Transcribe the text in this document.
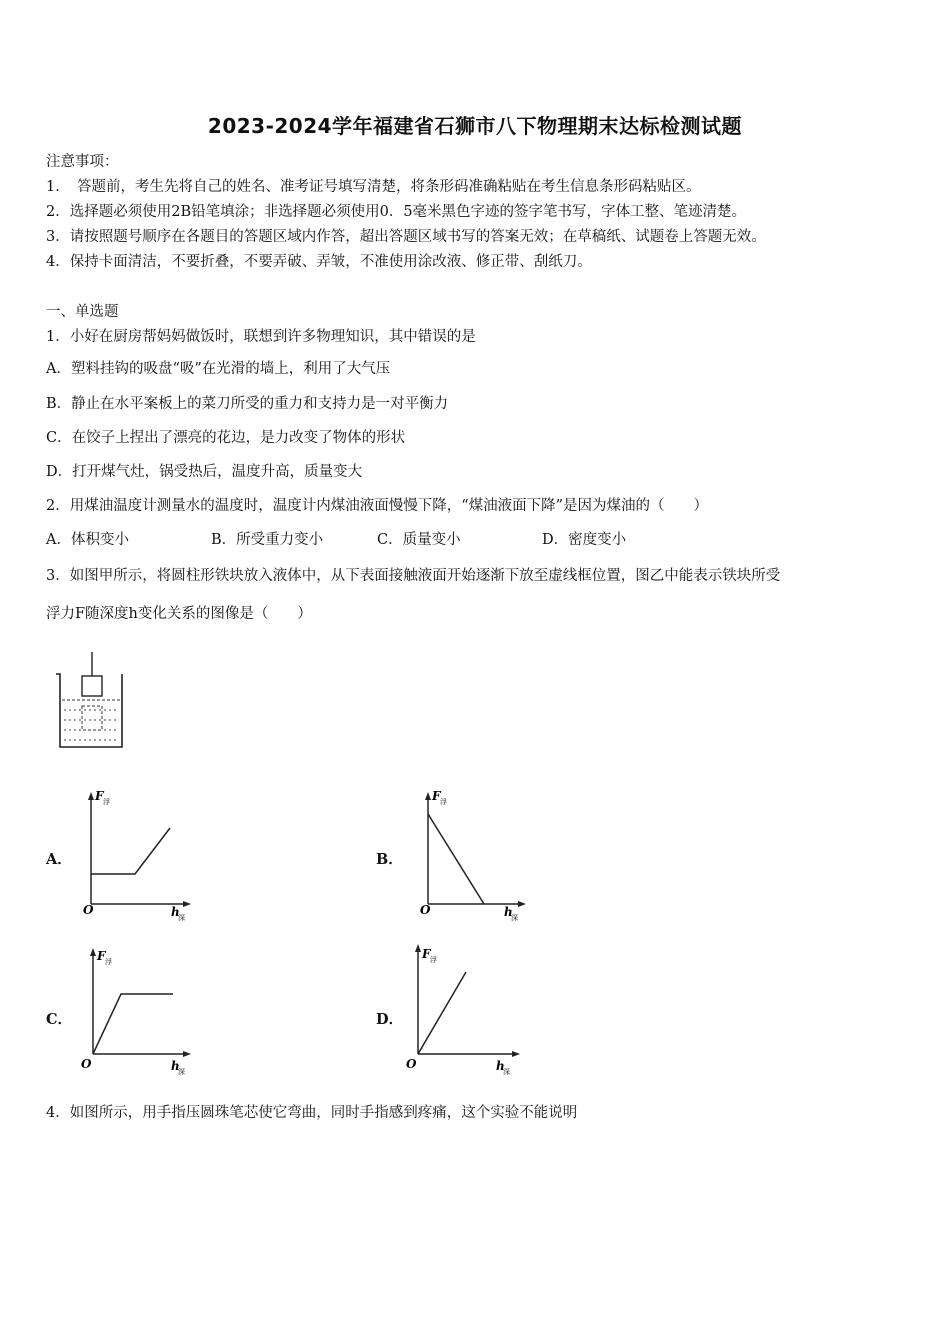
2023-2024学年福建省石狮市八下物理期末达标检测试题
注意事项：
1．　答题前，考生先将自己的姓名、准考证号填写清楚，将条形码准确粘贴在考生信息条形码粘贴区。
2．选择题必须使用2B铅笔填涂；非选择题必须使用0．5毫米黑色字迹的签字笔书写，字体工整、笔迹清楚。
3．请按照题号顺序在各题目的答题区域内作答，超出答题区域书写的答案无效；在草稿纸、试题卷上答题无效。
4．保持卡面清洁，不要折叠，不要弄破、弄皱，不准使用涂改液、修正带、刮纸刀。
一、单选题
1．小好在厨房帮妈妈做饭时，联想到许多物理知识，其中错误的是
A．塑料挂钩的吸盘“吸”在光滑的墙上，利用了大气压
B．静止在水平案板上的菜刀所受的重力和支持力是一对平衡力
C．在饺子上捏出了漂亮的花边，是力改变了物体的形状
D．打开煤气灶，锅受热后，温度升高，质量变大
2．用煤油温度计测量水的温度时，温度计内煤油液面慢慢下降，“煤油液面下降”是因为煤油的（　　）
A．体积变小	B．所受重力变小	C．质量变小	D．密度变小
3．如图甲所示，将圆柱形铁块放入液体中，从下表面接触液面开始逐渐下放至虚线框位置，图乙中能表示铁块所受
浮力F随深度h变化关系的图像是（　　）
A．
O
F 浮
h
深
B．
O
F 浮
h
深
C．
O
F 浮
h
深
D．
O
F 浮
h
深
4．如图所示，用手指压圆珠笔芯使它弯曲，同时手指感到疼痛，这个实验不能说明
